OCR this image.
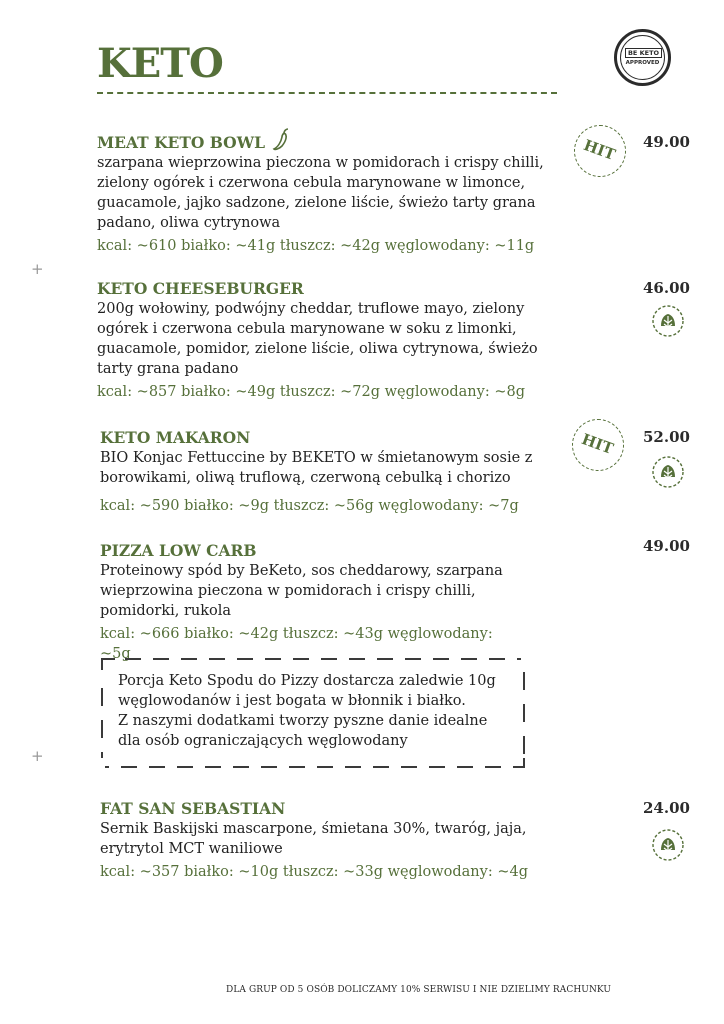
KETO	BE KETO
APPROVED
+
+
MEAT KETO BOWL
szarpana wieprzowina pieczona w pomidorach i crispy chilli, zielony ogórek i czerwona cebula marynowane w limonce, guacamole, jajko sadzone, zielone liście, świeżo tarty grana padano, oliwa cytrynowa
kcal: ~610 białko: ~41g tłuszcz: ~42g węglowodany: ~11g
HIT	49.00
KETO CHEESEBURGER
200g wołowiny, podwójny cheddar, truflowe mayo, zielony ogórek i czerwona cebula marynowane w soku z limonki, guacamole, pomidor, zielone liście, oliwa cytrynowa, świeżo tarty grana padano
kcal: ~857 białko: ~49g tłuszcz: ~72g węglowodany: ~8g
46.00
KETO MAKARON
BIO Konjac Fettuccine by BEKETO w śmietanowym sosie z borowikami, oliwą truflową, czerwoną cebulką i chorizo
kcal: ~590 białko: ~9g tłuszcz: ~56g węglowodany: ~7g
HIT	52.00
PIZZA LOW CARB
Proteinowy spód by BeKeto, sos cheddarowy, szarpana wieprzowina pieczona w pomidorach i crispy chilli, pomidorki, rukola
kcal: ~666 białko: ~42g tłuszcz: ~43g węglowodany: ~5g
49.00
Porcja Keto Spodu do Pizzy dostarcza zaledwie 10g
węglowodanów i jest bogata w błonnik i białko.
Z naszymi dodatkami tworzy pyszne danie idealne
dla osób ograniczających węglowodany
FAT SAN SEBASTIAN
Sernik Baskijski mascarpone, śmietana 30%, twaróg, jaja, erytrytol MCT waniliowe
kcal: ~357 białko: ~10g tłuszcz: ~33g węglowodany: ~4g
24.00
DLA GRUP OD 5 OSÓB DOLICZAMY 10% SERWISU I NIE DZIELIMY RACHUNKU
